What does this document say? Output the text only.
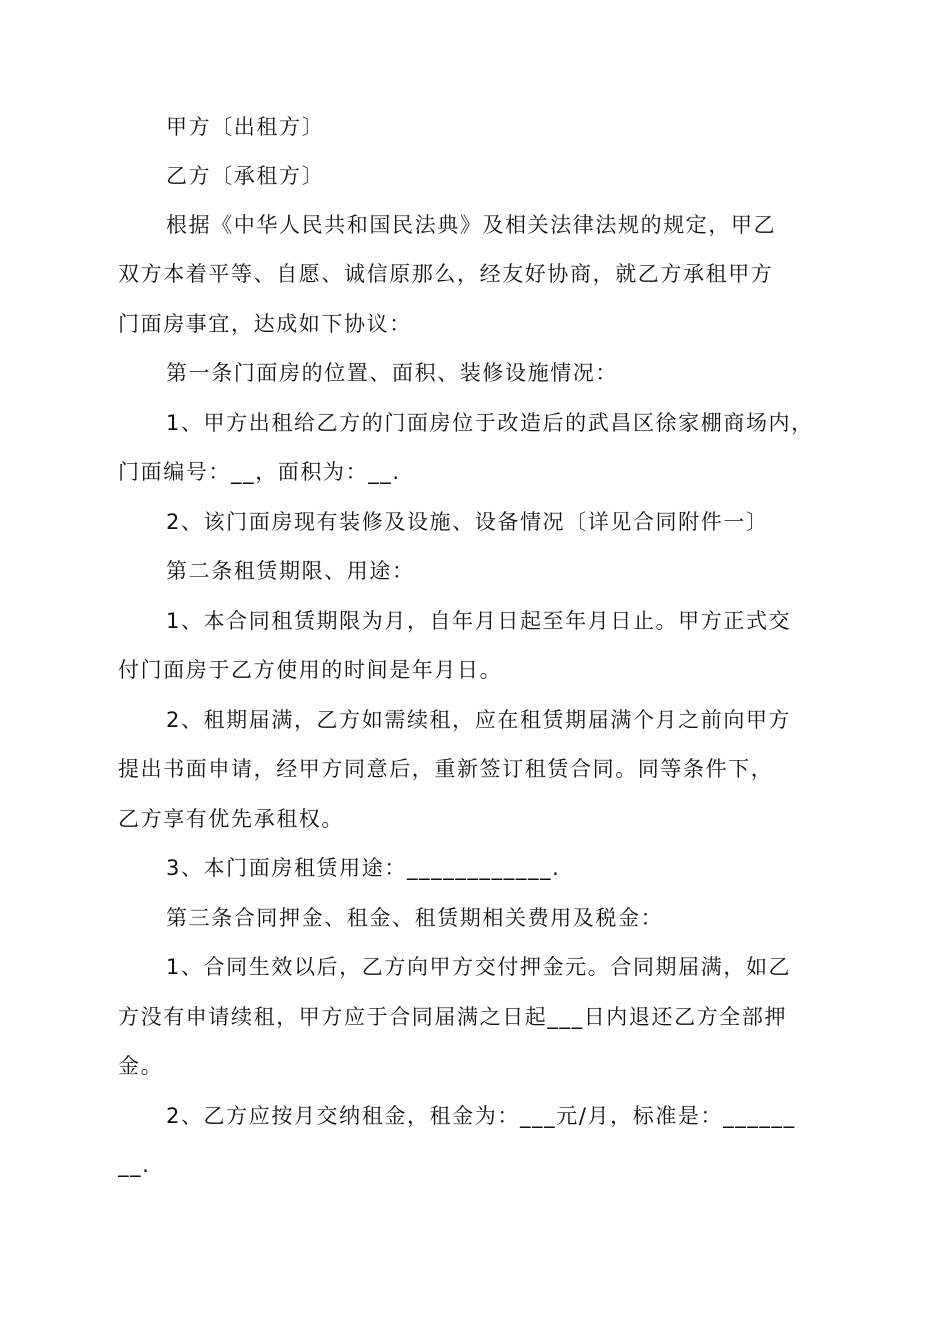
甲方〔出租方〕
乙方〔承租方〕
根据《中华人民共和国民法典》及相关法律法规的规定，甲乙
双方本着平等、自愿、诚信原那么，经友好协商，就乙方承租甲方
门面房事宜，达成如下协议：
第一条门面房的位置、面积、装修设施情况：
1、甲方出租给乙方的门面房位于改造后的武昌区徐家棚商场内，
门面编号：__，面积为：__.
2、该门面房现有装修及设施、设备情况〔详见合同附件一〕
第二条租赁期限、用途：
1、本合同租赁期限为月，自年月日起至年月日止。甲方正式交
付门面房于乙方使用的时间是年月日。
2、租期届满，乙方如需续租，应在租赁期届满个月之前向甲方
提出书面申请，经甲方同意后，重新签订租赁合同。同等条件下，
乙方享有优先承租权。
3、本门面房租赁用途：____________.
第三条合同押金、租金、租赁期相关费用及税金：
1、合同生效以后，乙方向甲方交付押金元。合同期届满，如乙
方没有申请续租，甲方应于合同届满之日起___日内退还乙方全部押
金。
2、乙方应按月交纳租金，租金为：___元/月，标准是：______
__.
